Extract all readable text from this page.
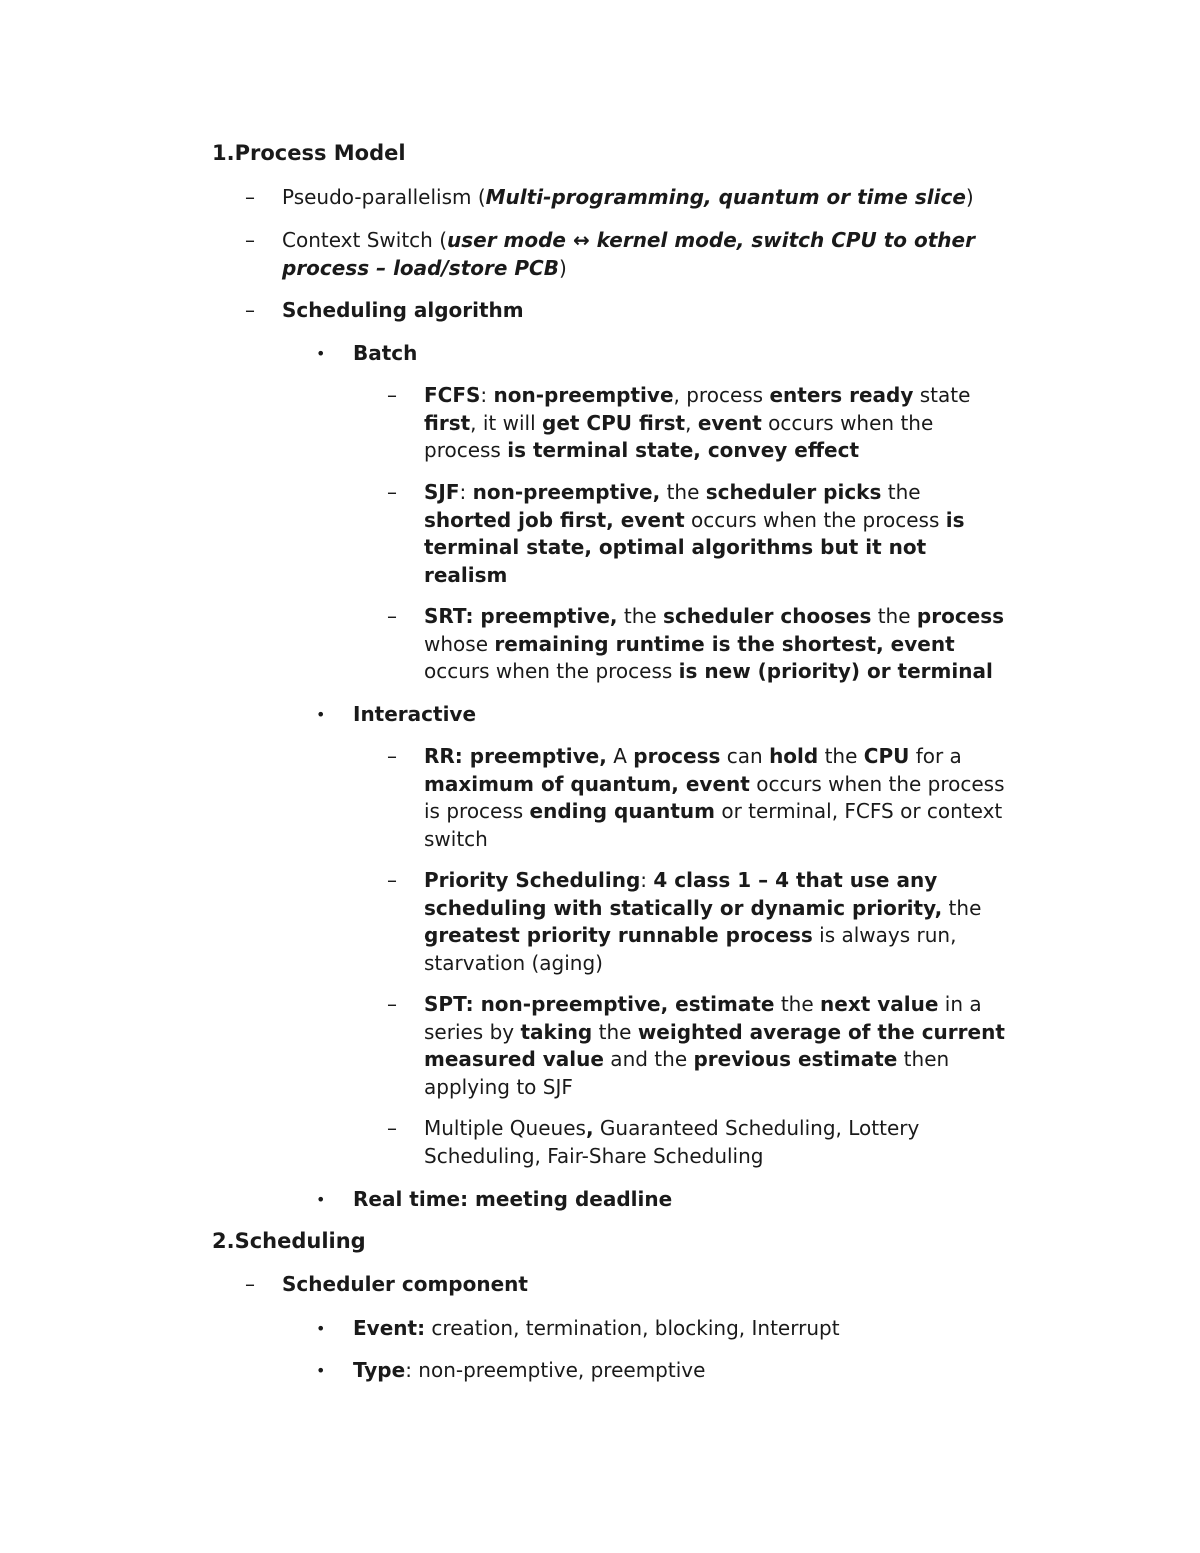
1.Process Model
– Pseudo-parallelism (Multi-programming, quantum or time slice)
– Context Switch (user mode ↔ kernel mode, switch CPU to other
process – load/store PCB)
– Scheduling algorithm
• Batch
– FCFS: non-preemptive, process enters ready state
first, it will get CPU first, event occurs when the
process is terminal state, convey effect
– SJF: non-preemptive, the scheduler picks the
shorted job first, event occurs when the process is
terminal state, optimal algorithms but it not
realism
– SRT: preemptive, the scheduler chooses the process
whose remaining runtime is the shortest, event
occurs when the process is new (priority) or terminal
• Interactive
– RR: preemptive, A process can hold the CPU for a
maximum of quantum, event occurs when the process
is process ending quantum or terminal, FCFS or context
switch
– Priority Scheduling: 4 class 1 – 4 that use any
scheduling with statically or dynamic priority, the
greatest priority runnable process is always run,
starvation (aging)
– SPT: non-preemptive, estimate the next value in a
series by taking the weighted average of the current
measured value and the previous estimate then
applying to SJF
– Multiple Queues, Guaranteed Scheduling, Lottery
Scheduling, Fair-Share Scheduling
• Real time: meeting deadline
2.Scheduling
– Scheduler component
• Event: creation, termination, blocking, Interrupt
• Type: non-preemptive, preemptive
